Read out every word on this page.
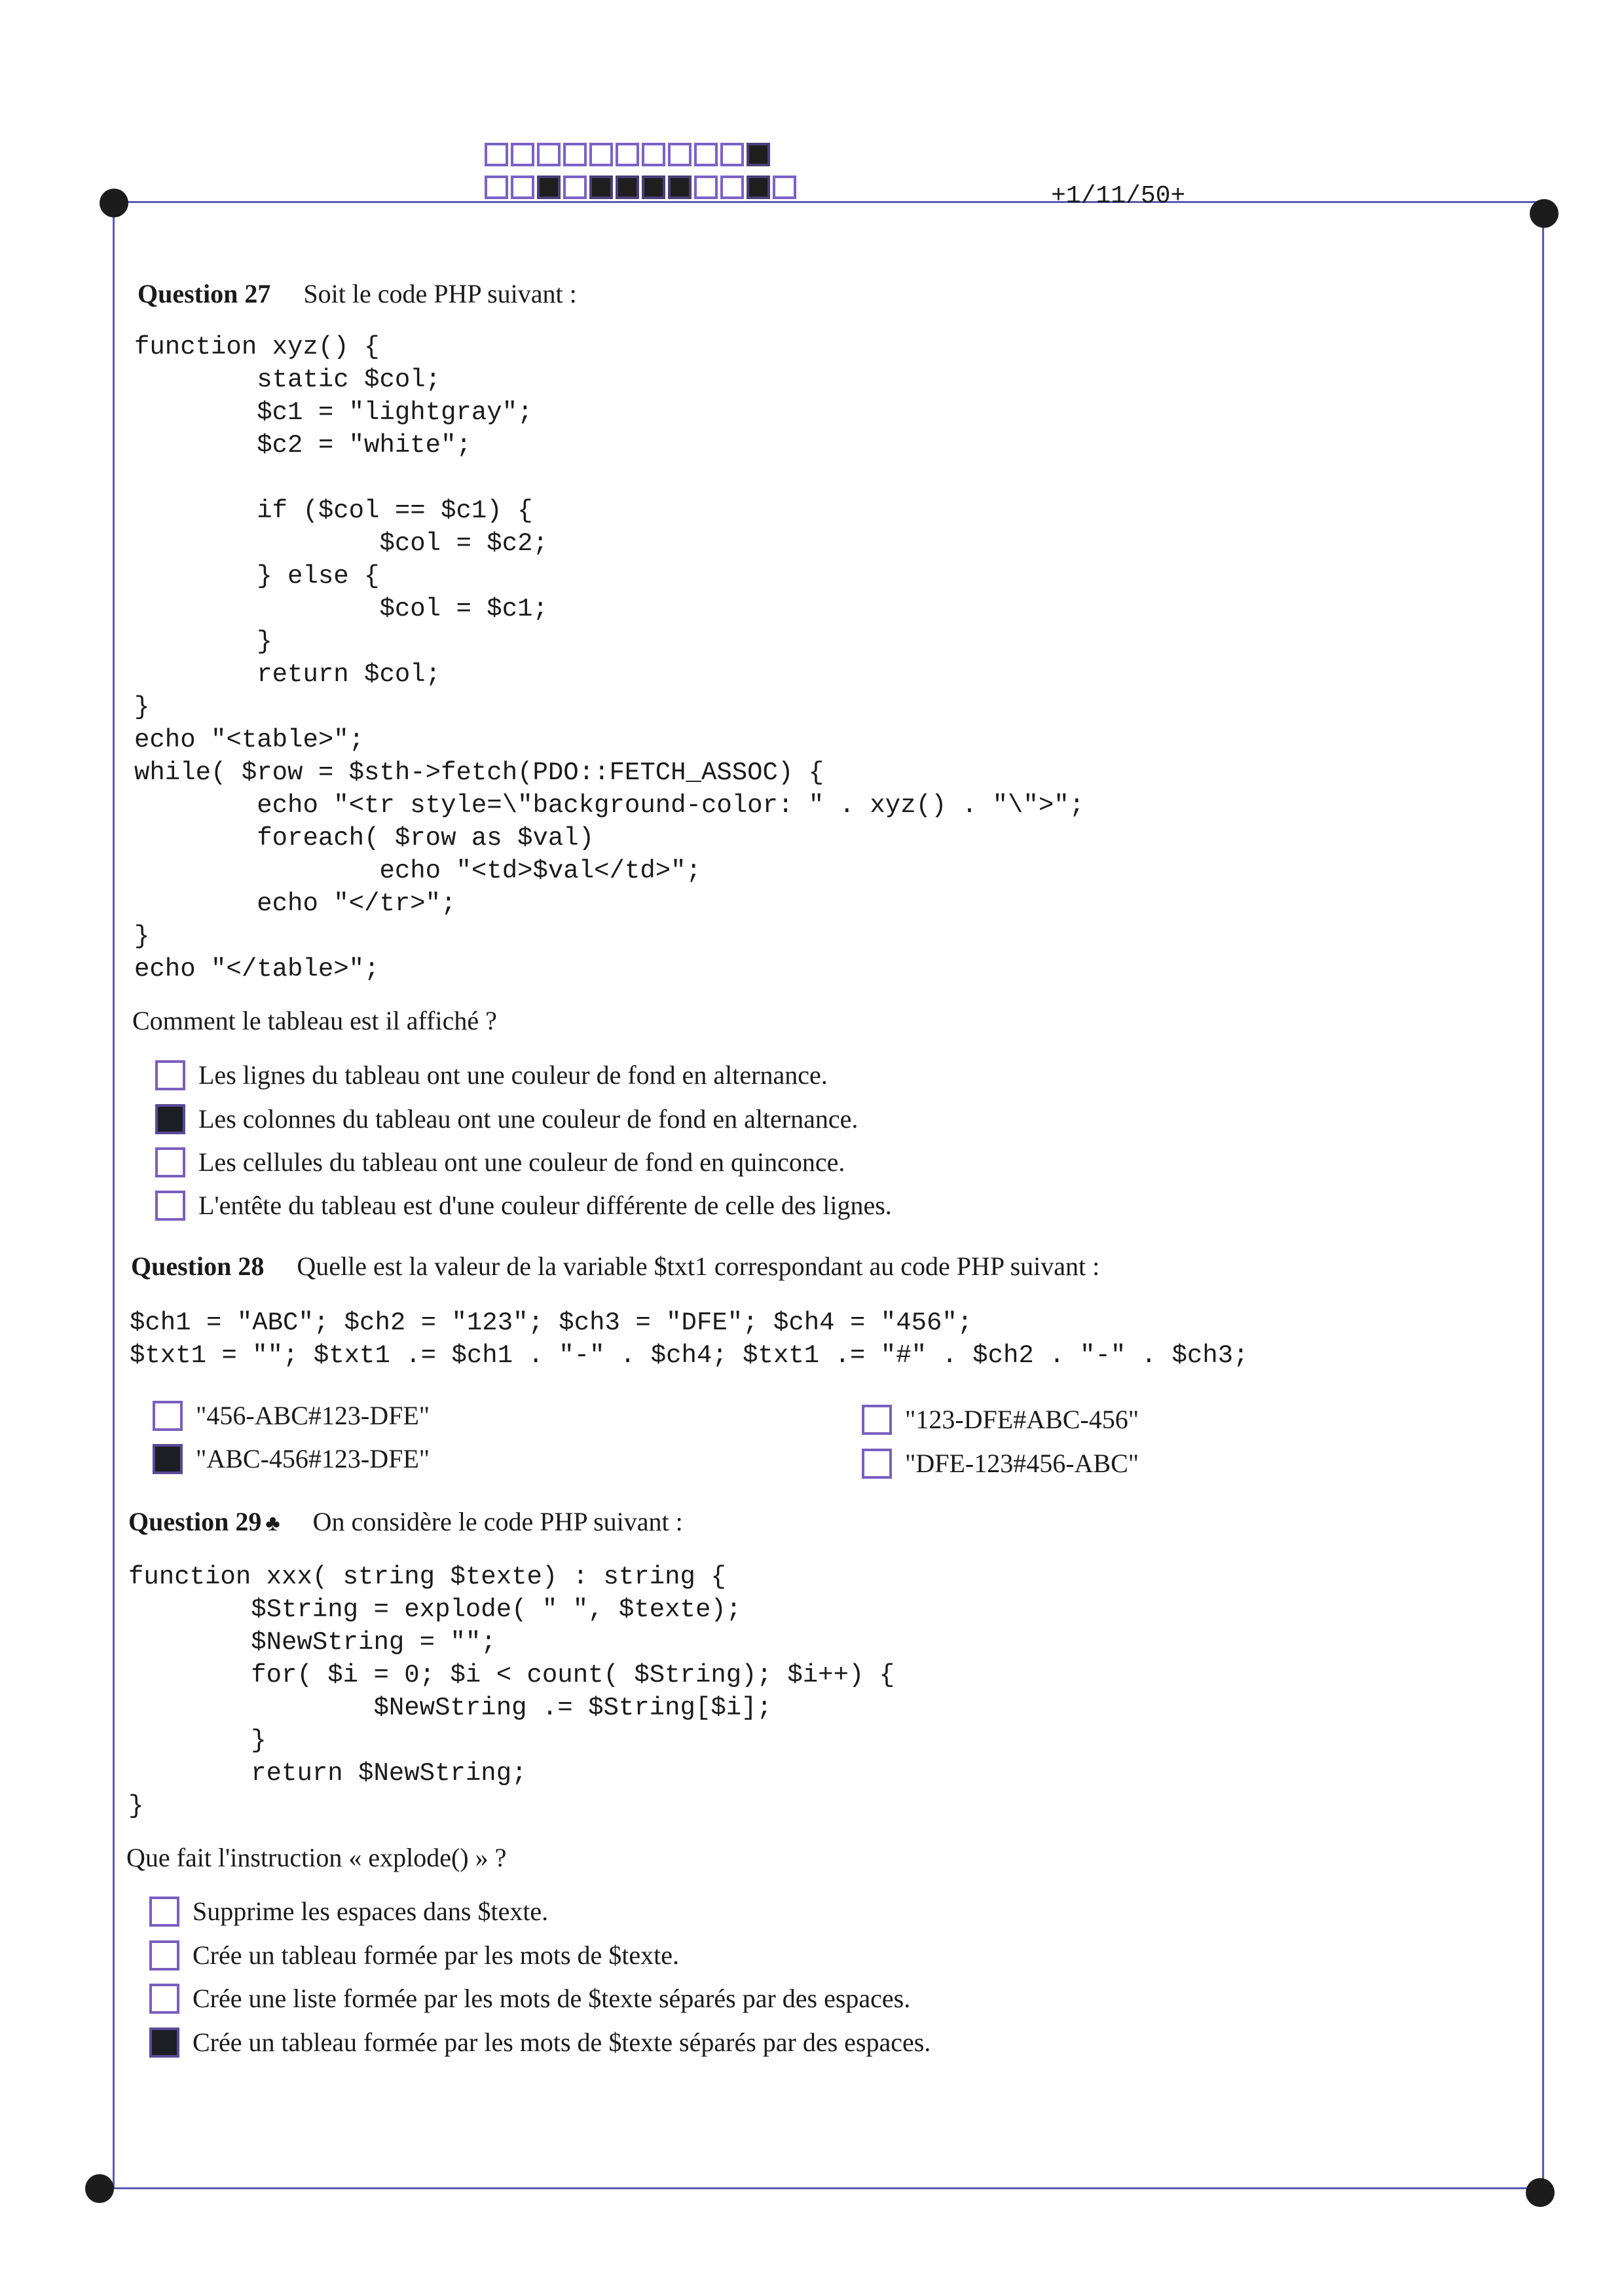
+1/11/50+
Question 27 Soit le code PHP suivant :
function xyz() {
static $col;
$c1 = "lightgray";
$c2 = "white";

if ($col == $c1) {
$col = $c2;
} else {
$col = $c1;
}
return $col;
}
echo "<table>";
while( $row = $sth->fetch(PDO::FETCH_ASSOC) {
echo "<tr style=\"background-color: " . xyz() . "\">";
foreach( $row as $val)
echo "<td>$val</td>";
echo "</tr>";
}
echo "</table>";
Comment le tableau est il affiché ?
Les lignes du tableau ont une couleur de fond en alternance.
Les colonnes du tableau ont une couleur de fond en alternance.
Les cellules du tableau ont une couleur de fond en quinconce.
L'entête du tableau est d'une couleur différente de celle des lignes.
Question 28 Quelle est la valeur de la variable $txt1 correspondant au code PHP suivant :
$ch1 = "ABC"; $ch2 = "123"; $ch3 = "DFE"; $ch4 = "456";
$txt1 = ""; $txt1 .= $ch1 . "-" . $ch4; $txt1 .= "#" . $ch2 . "-" . $ch3;
"456-ABC#123-DFE"
"ABC-456#123-DFE"
"123-DFE#ABC-456"
"DFE-123#456-ABC"
Question 29 ♣ On considère le code PHP suivant :
function xxx( string $texte) : string {
$String = explode( " ", $texte);
$NewString = "";
for( $i = 0; $i < count( $String); $i++) {
$NewString .= $String[$i];
}
return $NewString;
}
Que fait l'instruction « explode() » ?
Supprime les espaces dans $texte.
Crée un tableau formée par les mots de $texte.
Crée une liste formée par les mots de $texte séparés par des espaces.
Crée un tableau formée par les mots de $texte séparés par des espaces.
